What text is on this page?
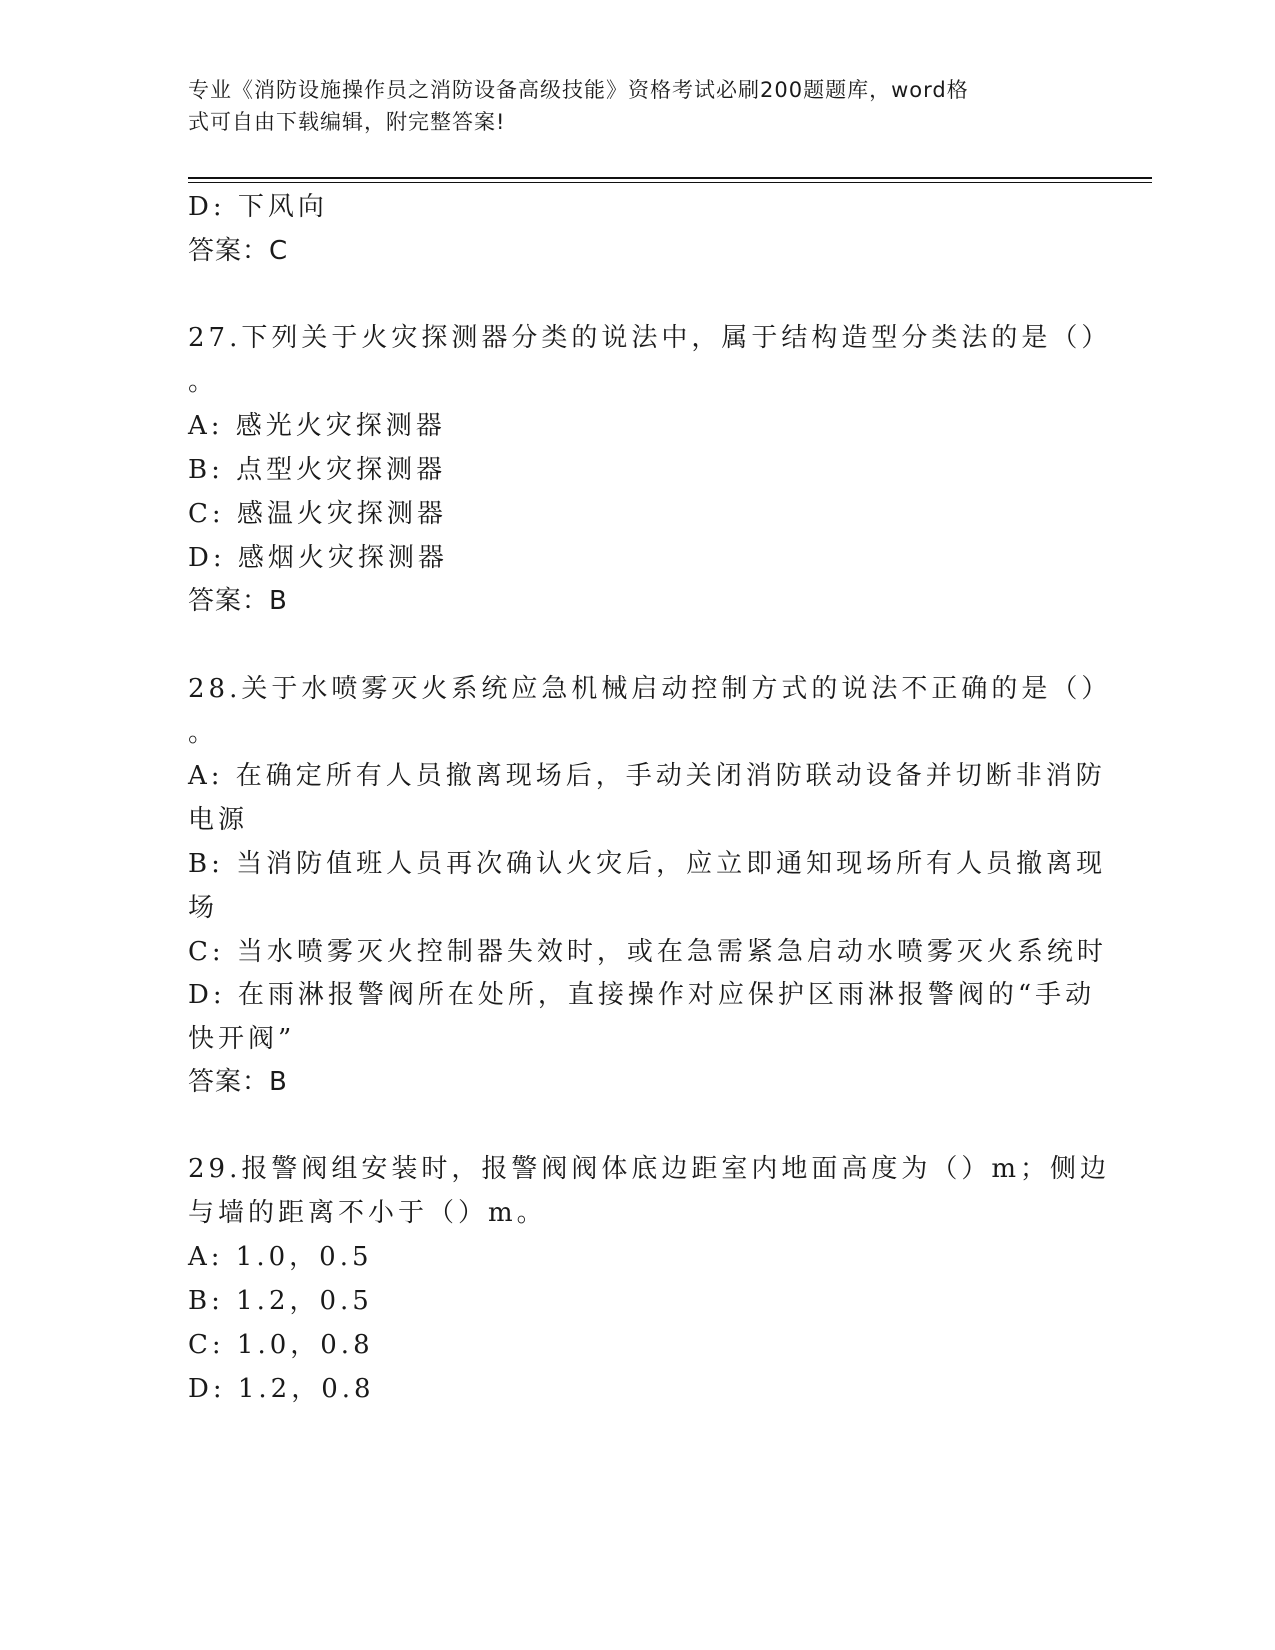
专业《消防设施操作员之消防设备高级技能》资格考试必刷200题题库，word格
式可自由下载编辑，附完整答案!
D: 下风向
答案：C
27.下列关于火灾探测器分类的说法中，属于结构造型分类法的是（）
。
A: 感光火灾探测器
B: 点型火灾探测器
C: 感温火灾探测器
D: 感烟火灾探测器
答案：B
28.关于水喷雾灭火系统应急机械启动控制方式的说法不正确的是（）
。
A: 在确定所有人员撤离现场后，手动关闭消防联动设备并切断非消防
电源
B: 当消防值班人员再次确认火灾后，应立即通知现场所有人员撤离现
场
C: 当水喷雾灭火控制器失效时，或在急需紧急启动水喷雾灭火系统时
D: 在雨淋报警阀所在处所，直接操作对应保护区雨淋报警阀的“手动
快开阀”
答案：B
29.报警阀组安装时，报警阀阀体底边距室内地面高度为（）m；侧边
与墙的距离不小于（）m。
A: 1.0，0.5
B: 1.2，0.5
C: 1.0，0.8
D: 1.2，0.8
